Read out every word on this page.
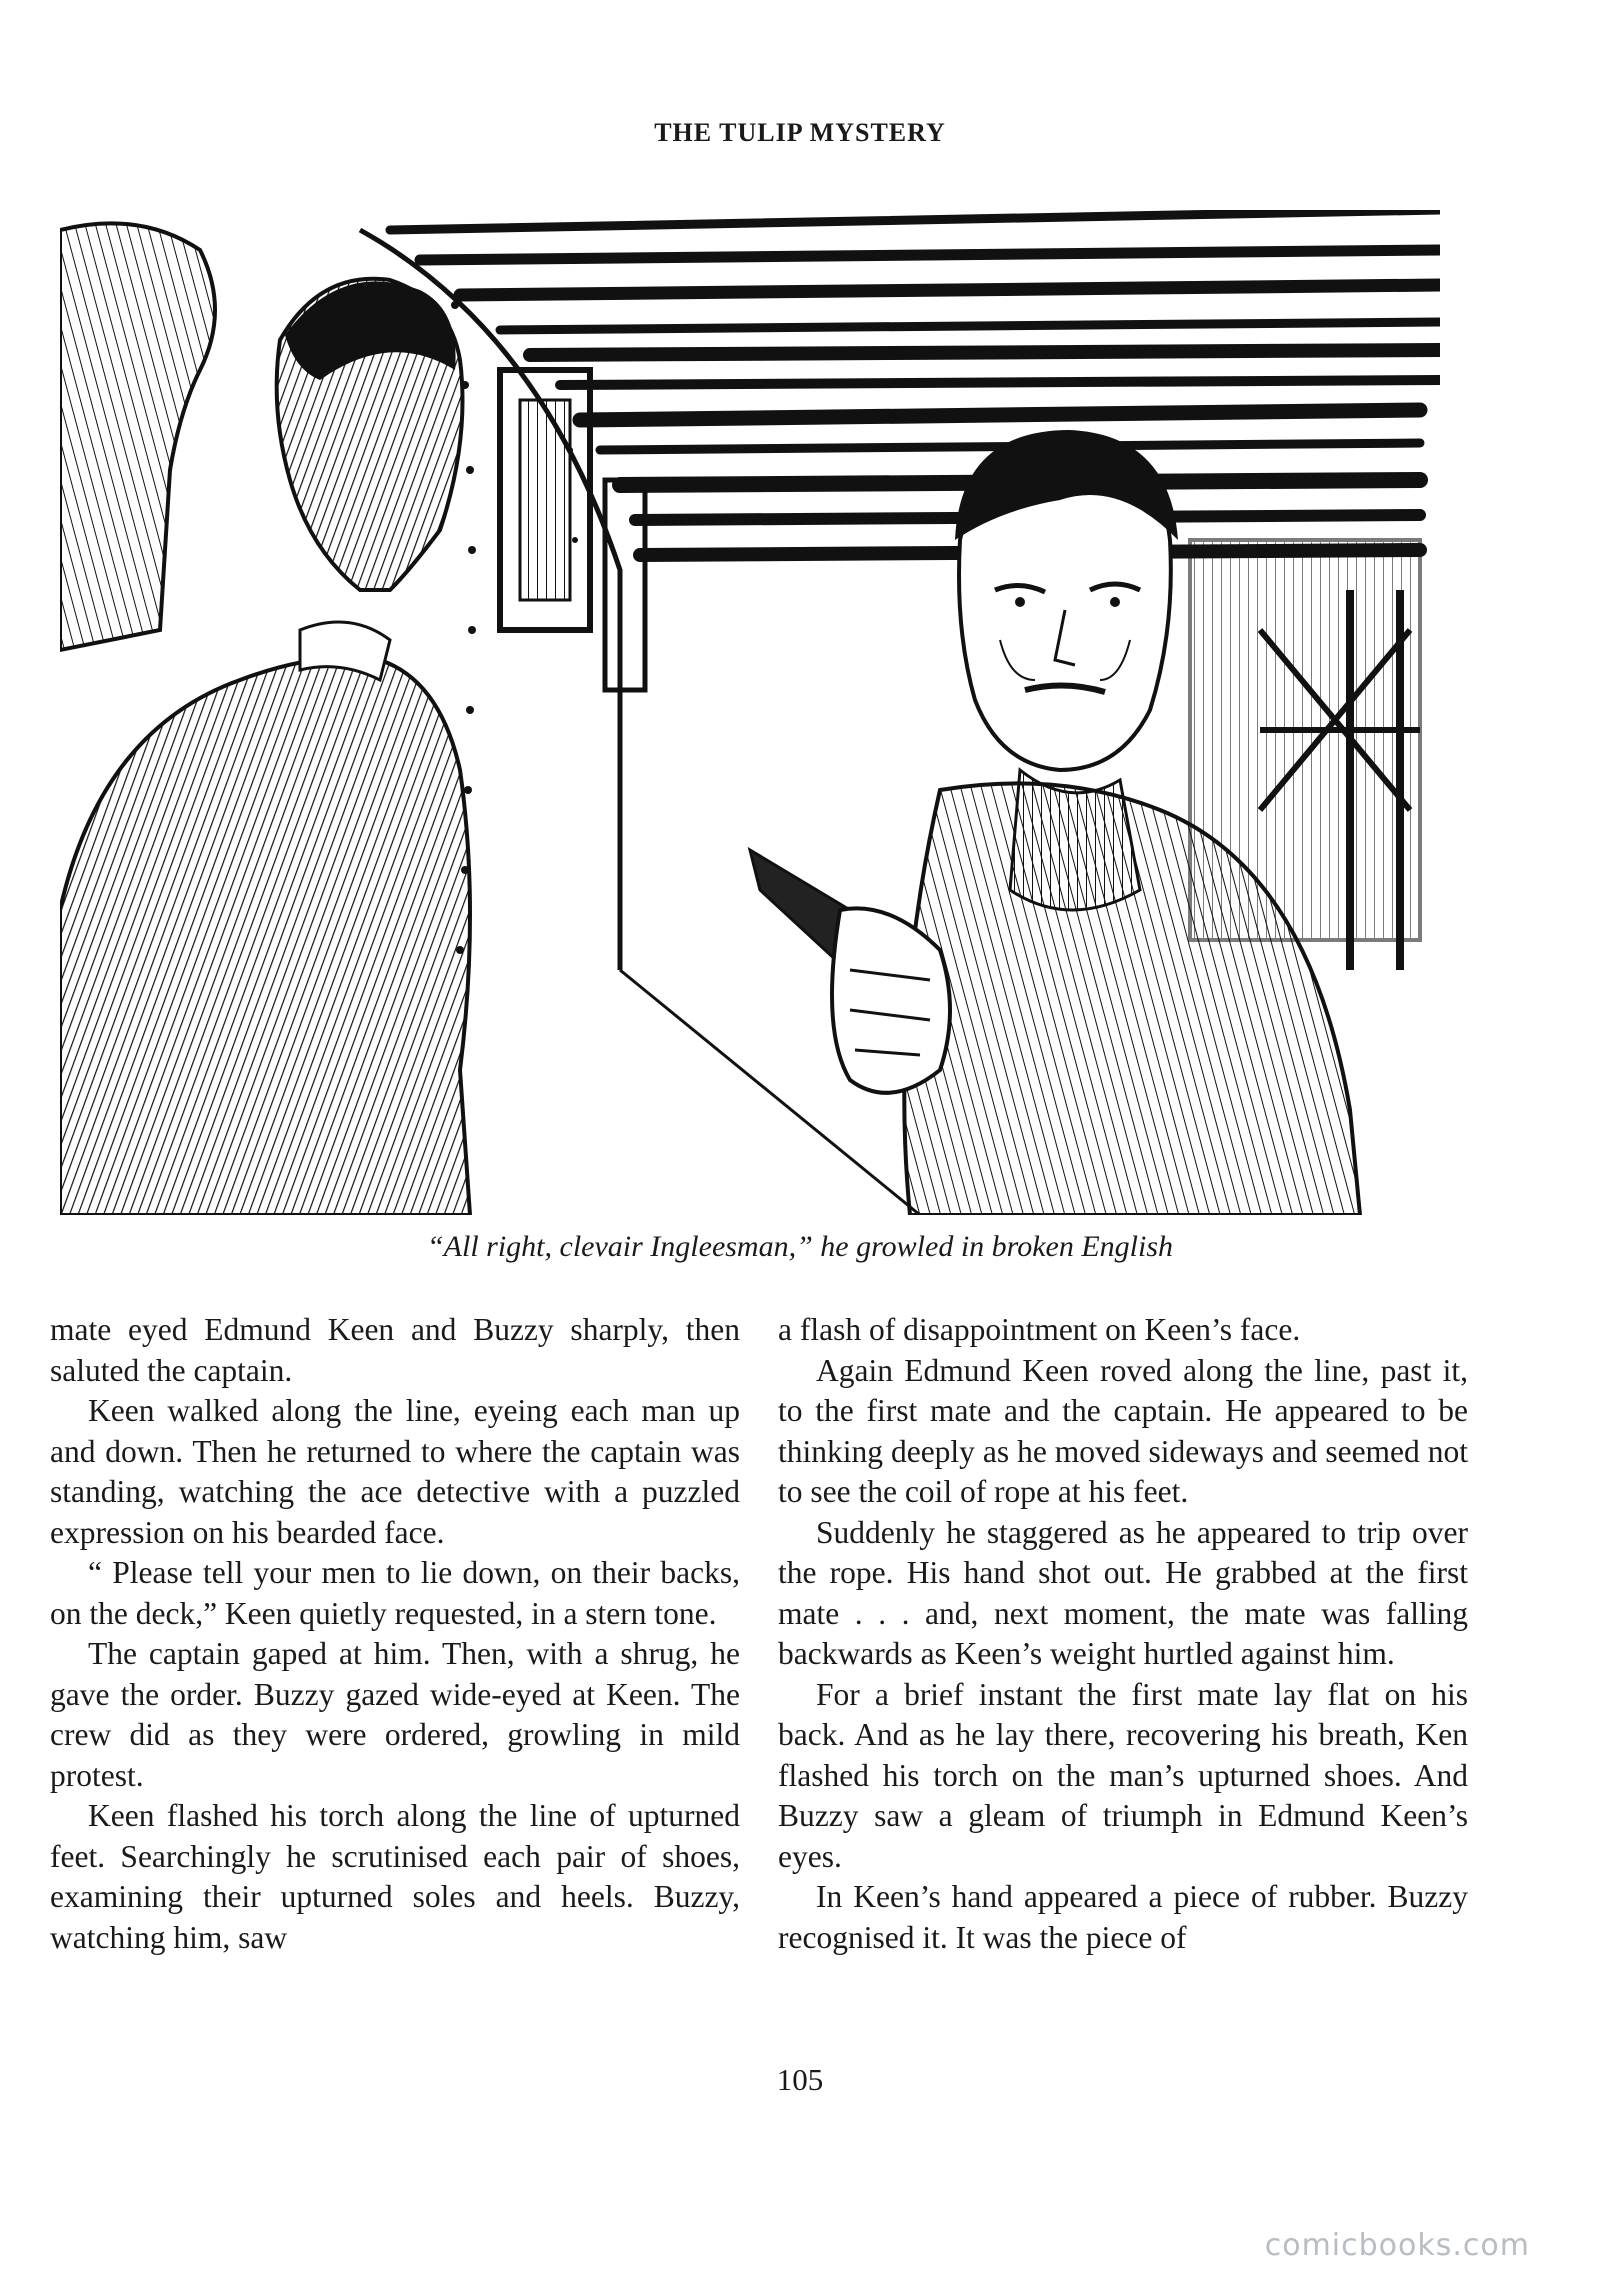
THE TULIP MYSTERY
“All right, clevair Ingleesman,” he growled in broken English

mate eyed Edmund Keen and Buzzy sharply, then saluted the captain.

Keen walked along the line, eyeing each man up and down. Then he returned to where the captain was standing, watching the ace detective with a puzzled expression on his bearded face.

“ Please tell your men to lie down, on their backs, on the deck,” Keen quietly requested, in a stern tone.

The captain gaped at him. Then, with a shrug, he gave the order. Buzzy gazed wide-eyed at Keen. The crew did as they were ordered, growling in mild protest.

Keen flashed his torch along the line of upturned feet. Searchingly he scrutinised each pair of shoes, examining their upturned soles and heels. Buzzy, watching him, saw

a flash of disappointment on Keen’s face.

Again Edmund Keen roved along the line, past it, to the first mate and the captain. He appeared to be thinking deeply as he moved sideways and seemed not to see the coil of rope at his feet.

Suddenly he staggered as he appeared to trip over the rope. His hand shot out. He grabbed at the first mate . . . and, next moment, the mate was falling backwards as Keen’s weight hurtled against him.

For a brief instant the first mate lay flat on his back. And as he lay there, recovering his breath, Ken flashed his torch on the man’s upturned shoes. And Buzzy saw a gleam of triumph in Edmund Keen’s eyes.

In Keen’s hand appeared a piece of rubber. Buzzy recognised it. It was the piece of

105
comicbooks.com
